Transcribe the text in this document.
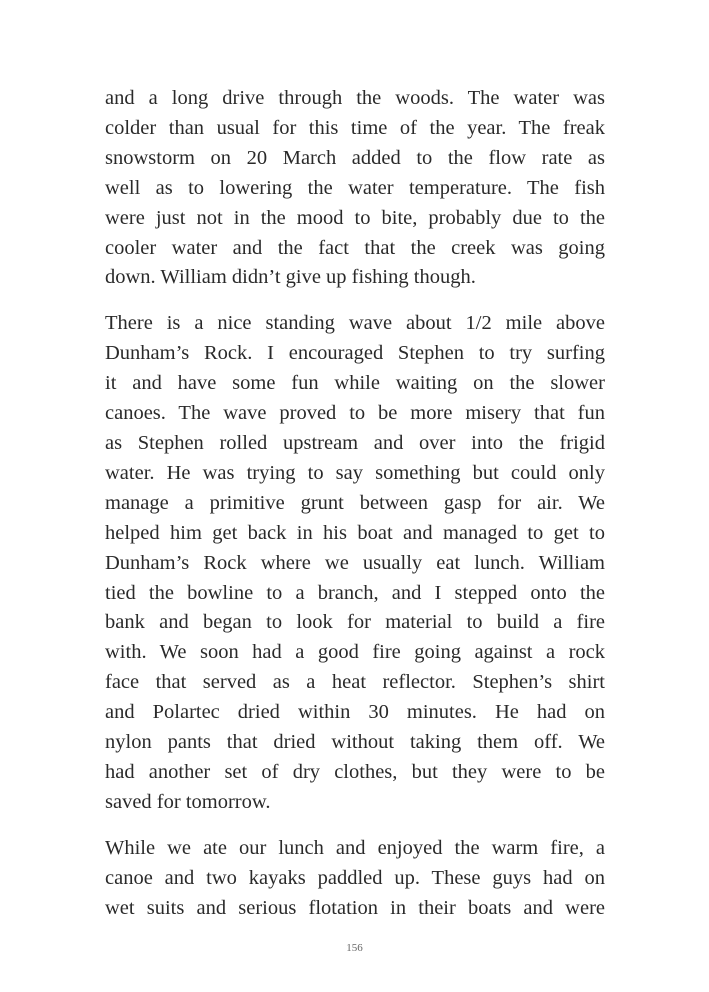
and a long drive through the woods. The water was
colder than usual for this time of the year. The freak
snowstorm on 20 March added to the flow rate as
well as to lowering the water temperature. The fish
were just not in the mood to bite, probably due to the
cooler water and the fact that the creek was going
down. William didn’t give up fishing though.

There is a nice standing wave about 1/2 mile above
Dunham’s Rock. I encouraged Stephen to try surfing
it and have some fun while waiting on the slower
canoes. The wave proved to be more misery that fun
as Stephen rolled upstream and over into the frigid
water. He was trying to say something but could only
manage a primitive grunt between gasp for air. We
helped him get back in his boat and managed to get to
Dunham’s Rock where we usually eat lunch. William
tied the bowline to a branch, and I stepped onto the
bank and began to look for material to build a fire
with. We soon had a good fire going against a rock
face that served as a heat reflector. Stephen’s shirt
and Polartec dried within 30 minutes. He had on
nylon pants that dried without taking them off. We
had another set of dry clothes, but they were to be
saved for tomorrow.

While we ate our lunch and enjoyed the warm fire, a
canoe and two kayaks paddled up. These guys had on
wet suits and serious flotation in their boats and were

156
